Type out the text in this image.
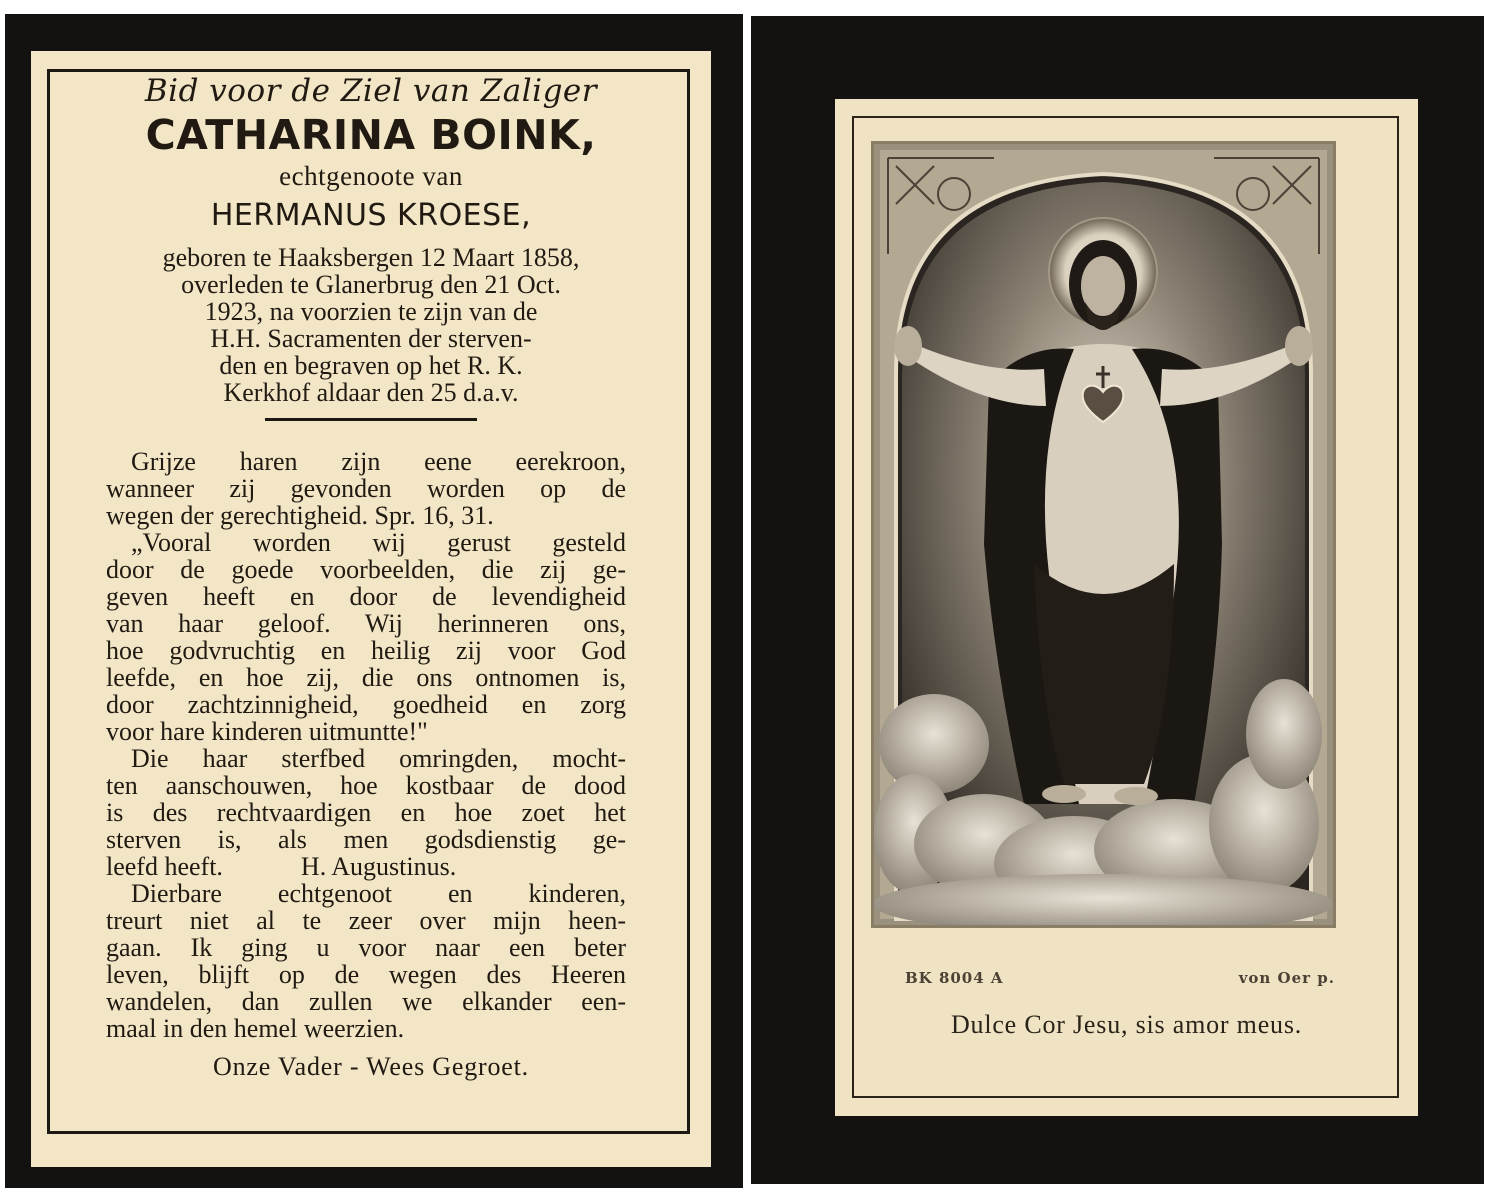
Bid voor de Ziel van Zaliger
CATHARINA BOINK,
echtgenoote van
HERMANUS KROESE,
geboren te Haaksbergen 12 Maart 1858,
overleden te Glanerbrug den 21 Oct.
1923, na voorzien te zijn van de
H.H. Sacramenten der sterven-
den en begraven op het R. K.
Kerkhof aldaar den 25 d.a.v.
Grijze haren zijn eene eerekroon,
wanneer zij gevonden worden op de
wegen der gerechtigheid. Spr. 16, 31.
„Vooral worden wij gerust gesteld
door de goede voorbeelden, die zij ge-
geven heeft en door de levendigheid
van haar geloof. Wij herinneren ons,
hoe godvruchtig en heilig zij voor God
leefde, en hoe zij, die ons ontnomen is,
door zachtzinnigheid, goedheid en zorg
voor hare kinderen uitmuntte!"
Die haar sterfbed omringden, mocht-
ten aanschouwen, hoe kostbaar de dood
is des rechtvaardigen en hoe zoet het
sterven is, als men godsdienstig ge-
leefd heeft.            H. Augustinus.
Dierbare echtgenoot en kinderen,
treurt niet al te zeer over mijn heen-
gaan. Ik ging u voor naar een beter
leven, blijft op de wegen des Heeren
wandelen, dan zullen we elkander een-
maal in den hemel weerzien.
Onze Vader - Wees Gegroet.
BK 8004 A	von Oer p.
Dulce Cor Jesu, sis amor meus.
